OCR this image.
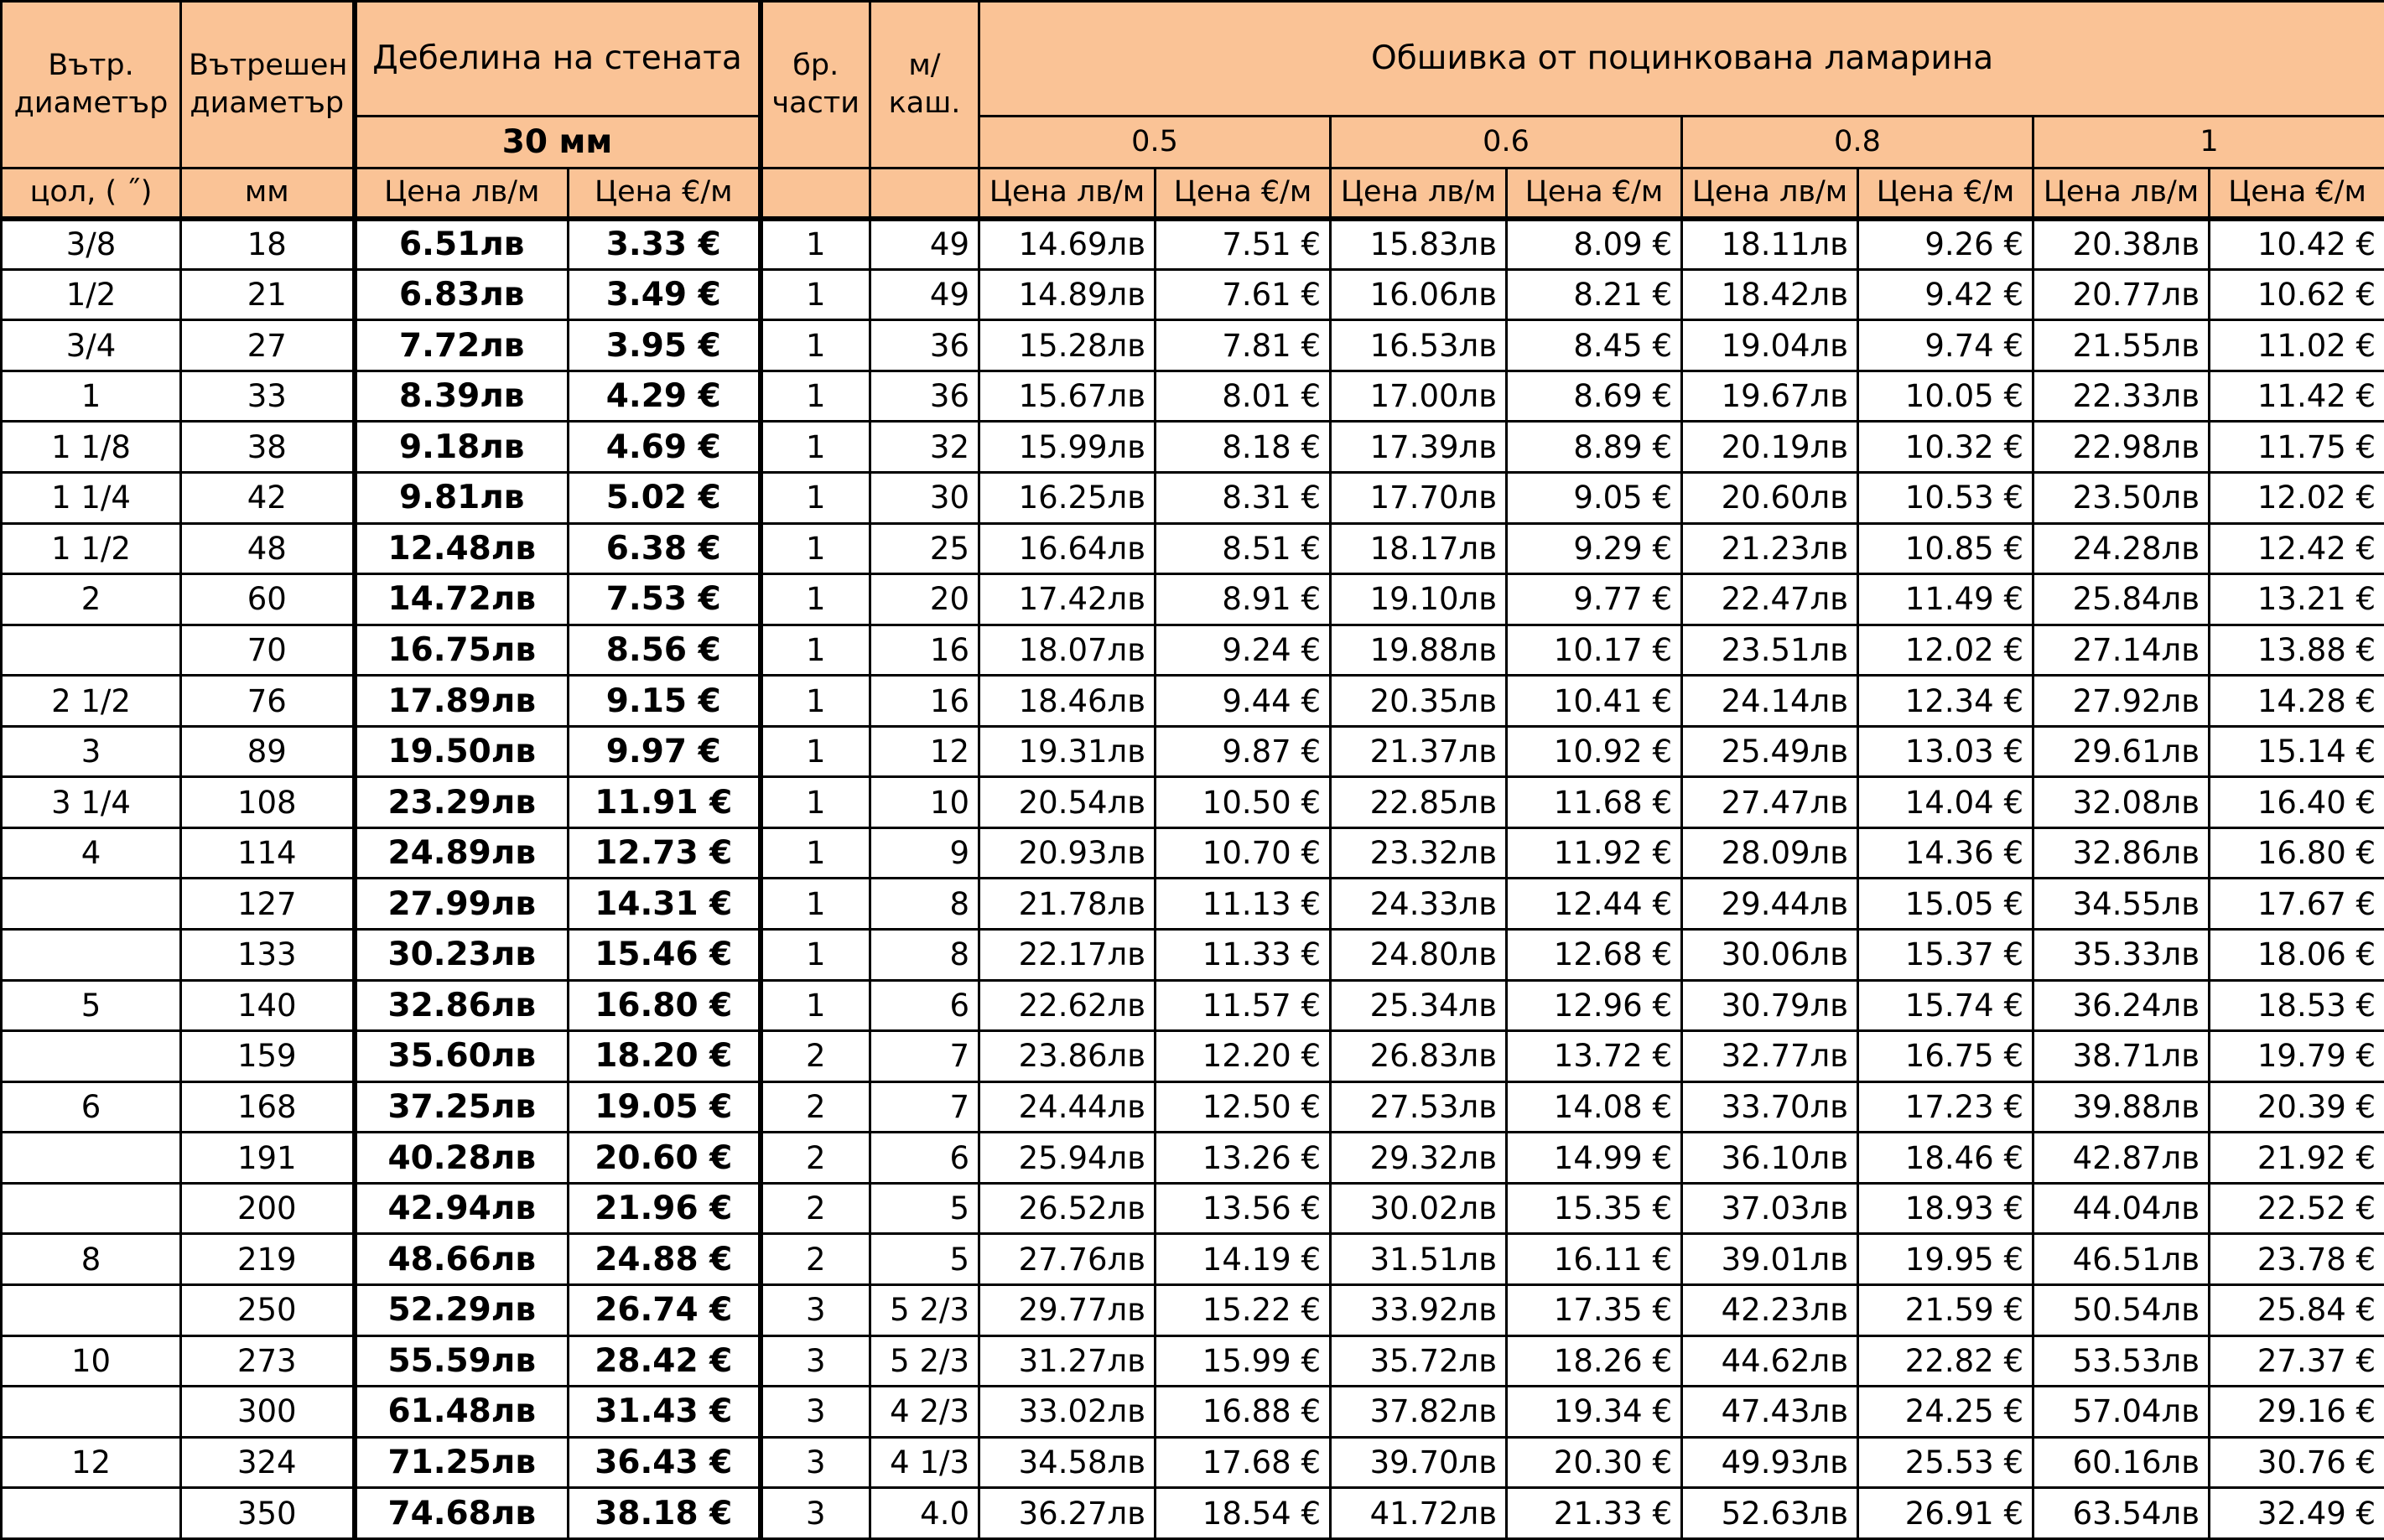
Вътр. диаметър	Вътрешен диаметър	Дебелина на стената		бр. части	м/ каш.	Обшивка от поцинкована ламарина							
		30 мм				0.5		0.6		0.8		1	
цол, ( ˝)	мм	Цена лв/м	Цена €/м			Цена лв/м	Цена €/м	Цена лв/м	Цена €/м	Цена лв/м	Цена €/м	Цена лв/м	Цена €/м
3/8	18	6.51лв	3.33 €	1	49	14.69лв	7.51 €	15.83лв	8.09 €	18.11лв	9.26 €	20.38лв	10.42 €
1/2	21	6.83лв	3.49 €	1	49	14.89лв	7.61 €	16.06лв	8.21 €	18.42лв	9.42 €	20.77лв	10.62 €
3/4	27	7.72лв	3.95 €	1	36	15.28лв	7.81 €	16.53лв	8.45 €	19.04лв	9.74 €	21.55лв	11.02 €
1	33	8.39лв	4.29 €	1	36	15.67лв	8.01 €	17.00лв	8.69 €	19.67лв	10.05 €	22.33лв	11.42 €
1 1/8	38	9.18лв	4.69 €	1	32	15.99лв	8.18 €	17.39лв	8.89 €	20.19лв	10.32 €	22.98лв	11.75 €
1 1/4	42	9.81лв	5.02 €	1	30	16.25лв	8.31 €	17.70лв	9.05 €	20.60лв	10.53 €	23.50лв	12.02 €
1 1/2	48	12.48лв	6.38 €	1	25	16.64лв	8.51 €	18.17лв	9.29 €	21.23лв	10.85 €	24.28лв	12.42 €
2	60	14.72лв	7.53 €	1	20	17.42лв	8.91 €	19.10лв	9.77 €	22.47лв	11.49 €	25.84лв	13.21 €
	70	16.75лв	8.56 €	1	16	18.07лв	9.24 €	19.88лв	10.17 €	23.51лв	12.02 €	27.14лв	13.88 €
2 1/2	76	17.89лв	9.15 €	1	16	18.46лв	9.44 €	20.35лв	10.41 €	24.14лв	12.34 €	27.92лв	14.28 €
3	89	19.50лв	9.97 €	1	12	19.31лв	9.87 €	21.37лв	10.92 €	25.49лв	13.03 €	29.61лв	15.14 €
3 1/4	108	23.29лв	11.91 €	1	10	20.54лв	10.50 €	22.85лв	11.68 €	27.47лв	14.04 €	32.08лв	16.40 €
4	114	24.89лв	12.73 €	1	9	20.93лв	10.70 €	23.32лв	11.92 €	28.09лв	14.36 €	32.86лв	16.80 €
	127	27.99лв	14.31 €	1	8	21.78лв	11.13 €	24.33лв	12.44 €	29.44лв	15.05 €	34.55лв	17.67 €
	133	30.23лв	15.46 €	1	8	22.17лв	11.33 €	24.80лв	12.68 €	30.06лв	15.37 €	35.33лв	18.06 €
5	140	32.86лв	16.80 €	1	6	22.62лв	11.57 €	25.34лв	12.96 €	30.79лв	15.74 €	36.24лв	18.53 €
	159	35.60лв	18.20 €	2	7	23.86лв	12.20 €	26.83лв	13.72 €	32.77лв	16.75 €	38.71лв	19.79 €
6	168	37.25лв	19.05 €	2	7	24.44лв	12.50 €	27.53лв	14.08 €	33.70лв	17.23 €	39.88лв	20.39 €
	191	40.28лв	20.60 €	2	6	25.94лв	13.26 €	29.32лв	14.99 €	36.10лв	18.46 €	42.87лв	21.92 €
	200	42.94лв	21.96 €	2	5	26.52лв	13.56 €	30.02лв	15.35 €	37.03лв	18.93 €	44.04лв	22.52 €
8	219	48.66лв	24.88 €	2	5	27.76лв	14.19 €	31.51лв	16.11 €	39.01лв	19.95 €	46.51лв	23.78 €
	250	52.29лв	26.74 €	3	5 2/3	29.77лв	15.22 €	33.92лв	17.35 €	42.23лв	21.59 €	50.54лв	25.84 €
10	273	55.59лв	28.42 €	3	5 2/3	31.27лв	15.99 €	35.72лв	18.26 €	44.62лв	22.82 €	53.53лв	27.37 €
	300	61.48лв	31.43 €	3	4 2/3	33.02лв	16.88 €	37.82лв	19.34 €	47.43лв	24.25 €	57.04лв	29.16 €
12	324	71.25лв	36.43 €	3	4 1/3	34.58лв	17.68 €	39.70лв	20.30 €	49.93лв	25.53 €	60.16лв	30.76 €
	350	74.68лв	38.18 €	3	4.0	36.27лв	18.54 €	41.72лв	21.33 €	52.63лв	26.91 €	63.54лв	32.49 €
